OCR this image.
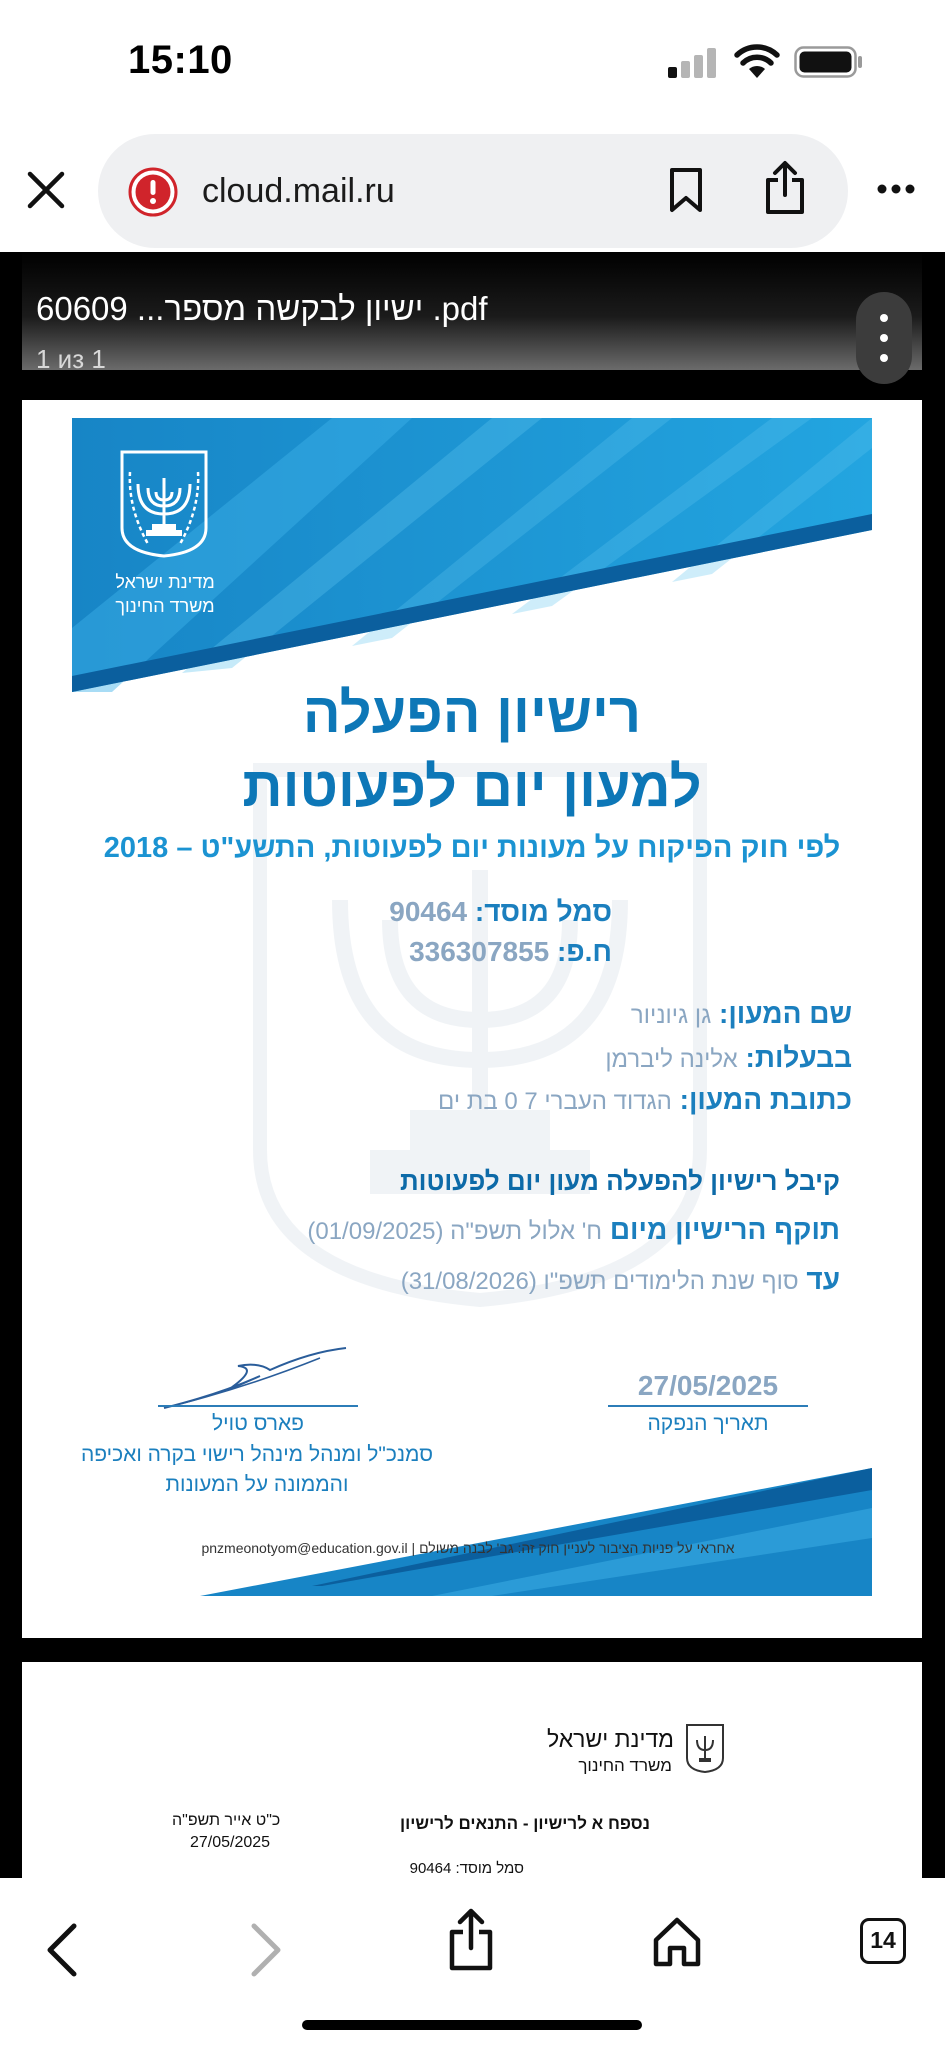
15:10
cloud.mail.ru
60609 ...ישיון לבקשה מספר .pdf
1 из 1
מדינת ישראל
משרד החינוך
רישיון הפעלה
למעון יום לפעוטות
לפי חוק הפיקוח על מעונות יום לפעוטות, התשע"ט – 2018
סמל מוסד: 90464
ח.פ: 336307855
שם המעון: גן גיוניור
בבעלות: אלינה ליברמן
כתובת המעון: הגדוד העברי 7 0 בת ים
קיבל רישיון להפעלה מעון יום לפעוטות
תוקף הרישיון מיום ח' אלול תשפ"ה (01/09/2025)
עד סוף שנת הלימודים תשפ"ו (31/08/2026)
27/05/2025
תאריך הנפקה
פארס טויל
סמנכ"ל ומנהל מינהל רישוי בקרה ואכיפה
והממונה על המעונות
אחראי על פניות הציבור לעניין חוק זה: גב' לבנה משולם | pnzmeonotyom@education.gov.il
מדינת ישראל
משרד החינוך
נספח א לרישיון - התנאים לרישיון
כ"ט אייר תשפ"ה
27/05/2025
סמל מוסד: 90464
14
